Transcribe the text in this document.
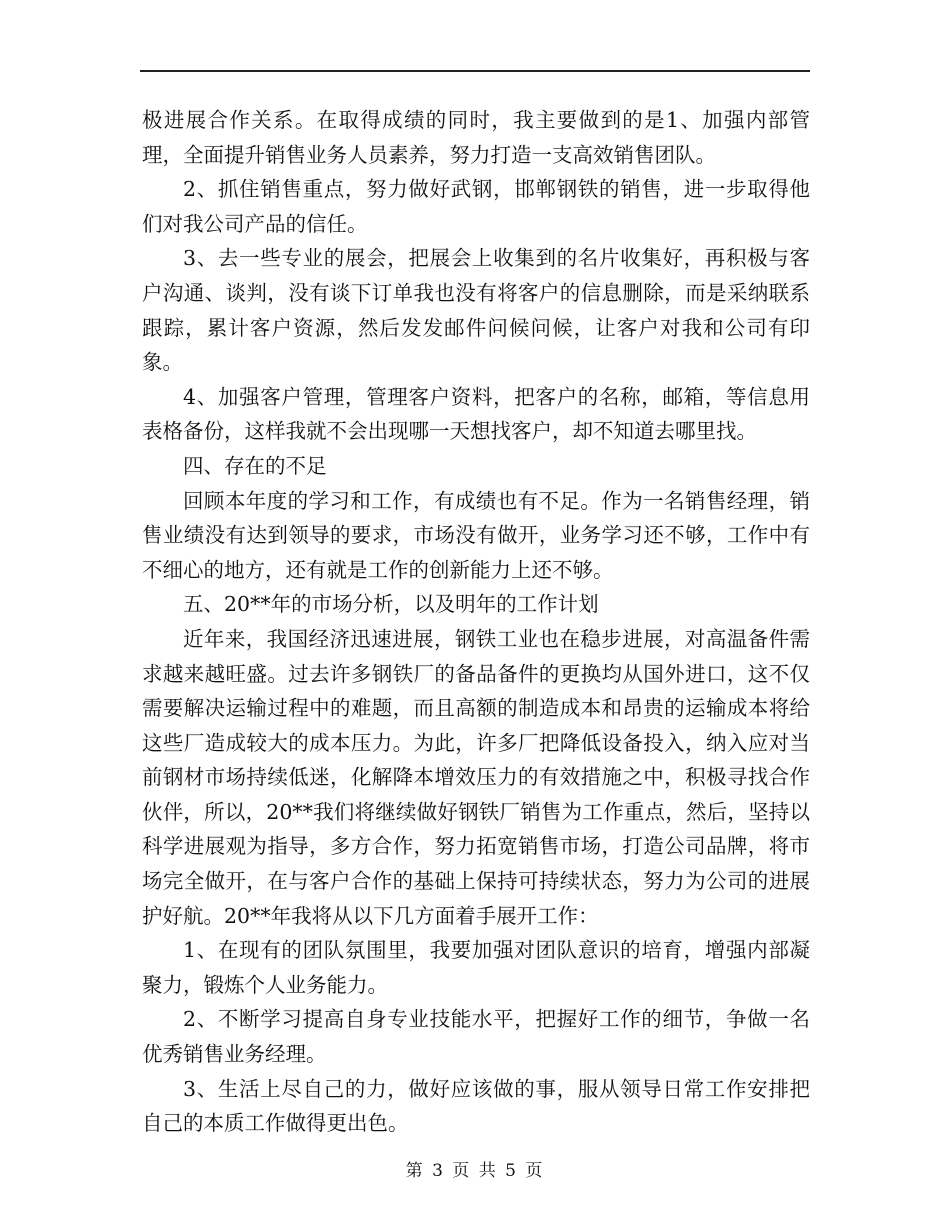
极进展合作关系。在取得成绩的同时，我主要做到的是1、加强内部管理，全面提升销售业务人员素养，努力打造一支高效销售团队。

2、抓住销售重点，努力做好武钢，邯郸钢铁的销售，进一步取得他们对我公司产品的信任。

3、去一些专业的展会，把展会上收集到的名片收集好，再积极与客户沟通、谈判，没有谈下订单我也没有将客户的信息删除，而是采纳联系跟踪，累计客户资源，然后发发邮件问候问候，让客户对我和公司有印象。

4、加强客户管理，管理客户资料，把客户的名称，邮箱，等信息用表格备份，这样我就不会出现哪一天想找客户，却不知道去哪里找。

四、存在的不足

回顾本年度的学习和工作，有成绩也有不足。作为一名销售经理，销售业绩没有达到领导的要求，市场没有做开，业务学习还不够，工作中有不细心的地方，还有就是工作的创新能力上还不够。

五、20**年的市场分析，以及明年的工作计划

近年来，我国经济迅速进展，钢铁工业也在稳步进展，对高温备件需求越来越旺盛。过去许多钢铁厂的备品备件的更换均从国外进口，这不仅需要解决运输过程中的难题，而且高额的制造成本和昂贵的运输成本将给这些厂造成较大的成本压力。为此，许多厂把降低设备投入，纳入应对当前钢材市场持续低迷，化解降本增效压力的有效措施之中，积极寻找合作伙伴，所以，20**我们将继续做好钢铁厂销售为工作重点，然后，坚持以科学进展观为指导，多方合作，努力拓宽销售市场，打造公司品牌，将市场完全做开，在与客户合作的基础上保持可持续状态，努力为公司的进展护好航。20**年我将从以下几方面着手展开工作：

1、在现有的团队氛围里，我要加强对团队意识的培育，增强内部凝聚力，锻炼个人业务能力。

2、不断学习提高自身专业技能水平，把握好工作的细节，争做一名优秀销售业务经理。

3、生活上尽自己的力，做好应该做的事，服从领导日常工作安排把自己的本质工作做得更出色。

第 3 页 共 5 页
